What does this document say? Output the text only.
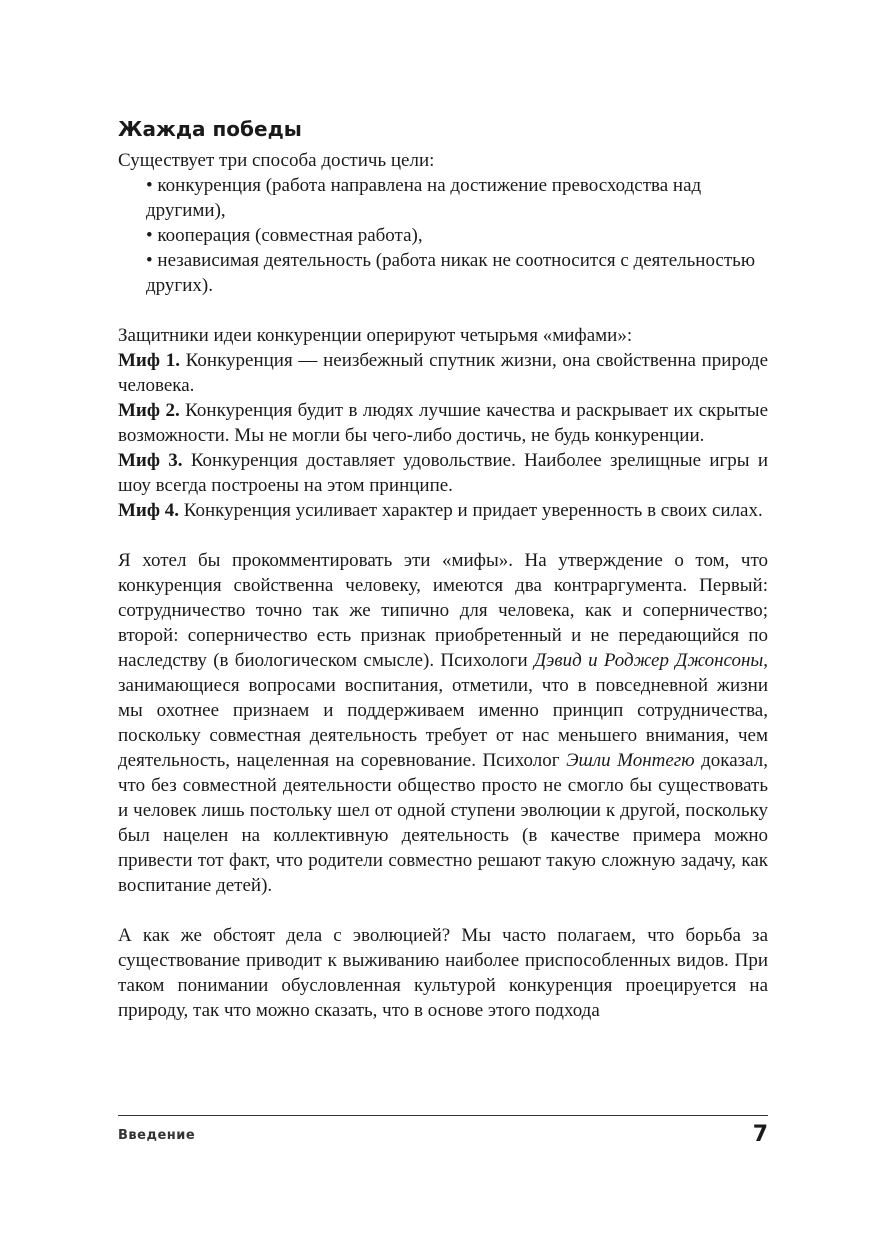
Жажда победы

Существует три способа достичь цели:

• конкуренция (работа направлена на достижение превосходства над другими),

• кооперация (совместная работа),

• независимая деятельность (работа никак не соотносится с деятельностью других).

Защитники идеи конкуренции оперируют четырьмя «мифами»:

Миф 1. Конкуренция — неизбежный спутник жизни, она свойственна природе человека.

Миф 2. Конкуренция будит в людях лучшие качества и раскрывает их скрытые возможности. Мы не могли бы чего-либо достичь, не будь конкуренции.

Миф 3. Конкуренция доставляет удовольствие. Наиболее зрелищные игры и шоу всегда построены на этом принципе.

Миф 4. Конкуренция усиливает характер и придает уверенность в своих силах.

Я хотел бы прокомментировать эти «мифы». На утверждение о том, что конкуренция свойственна человеку, имеются два контраргумента. Первый: сотрудничество точно так же типично для человека, как и соперничество; второй: соперничество есть признак приобретенный и не передающийся по наследству (в биологическом смысле). Психологи Дэвид и Роджер Джонсоны, занимающиеся вопросами воспитания, отметили, что в повседневной жизни мы охотнее признаем и поддерживаем именно принцип сотрудничества, поскольку совместная деятельность требует от нас меньшего внимания, чем деятельность, нацеленная на соревнование. Психолог Эшли Монтегю доказал, что без совместной деятельности общество просто не смогло бы существовать и человек лишь постольку шел от одной ступени эволюции к другой, поскольку был нацелен на коллективную деятельность (в качестве примера можно привести тот факт, что родители совместно решают такую сложную задачу, как воспитание детей).

А как же обстоят дела с эволюцией? Мы часто полагаем, что борьба за существование приводит к выживанию наиболее приспособленных видов. При таком понимании обусловленная культурой конкуренция проецируется на природу, так что можно сказать, что в основе этого подхода

Введение	7
